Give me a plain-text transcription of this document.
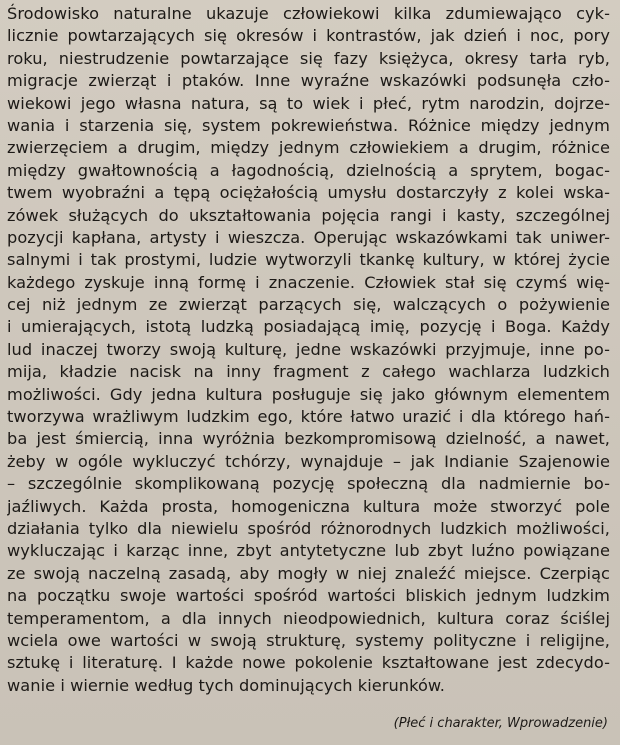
Środowisko naturalne ukazuje człowiekowi kilka zdumiewająco cyk-
licznie powtarzających się okresów i kontrastów, jak dzień i noc, pory
roku, niestrudzenie powtarzające się fazy księżyca, okresy tarła ryb,
migracje zwierząt i ptaków. Inne wyraźne wskazówki podsunęła czło-
wiekowi jego własna natura, są to wiek i płeć, rytm narodzin, dojrze-
wania i starzenia się, system pokrewieństwa. Różnice między jednym
zwierzęciem a drugim, między jednym człowiekiem a drugim, różnice
między gwałtownością a łagodnością, dzielnością a sprytem, bogac-
twem wyobraźni a tępą ociężałością umysłu dostarczyły z kolei wska-
zówek służących do ukształtowania pojęcia rangi i kasty, szczególnej
pozycji kapłana, artysty i wieszcza. Operując wskazówkami tak uniwer-
salnymi i tak prostymi, ludzie wytworzyli tkankę kultury, w której życie
każdego zyskuje inną formę i znaczenie. Człowiek stał się czymś wię-
cej niż jednym ze zwierząt parzących się, walczących o pożywienie
i umierających, istotą ludzką posiadającą imię, pozycję i Boga. Każdy
lud inaczej tworzy swoją kulturę, jedne wskazówki przyjmuje, inne po-
mija, kładzie nacisk na inny fragment z całego wachlarza ludzkich
możliwości. Gdy jedna kultura posługuje się jako głównym elementem
tworzywa wrażliwym ludzkim ego, które łatwo urazić i dla którego hań-
ba jest śmiercią, inna wyróżnia bezkompromisową dzielność, a nawet,
żeby w ogóle wykluczyć tchórzy, wynajduje – jak Indianie Szajenowie
– szczególnie skomplikowaną pozycję społeczną dla nadmiernie bo-
jaźliwych. Każda prosta, homogeniczna kultura może stworzyć pole
działania tylko dla niewielu spośród różnorodnych ludzkich możliwości,
wykluczając i karząc inne, zbyt antytetyczne lub zbyt luźno powiązane
ze swoją naczelną zasadą, aby mogły w niej znaleźć miejsce. Czerpiąc
na początku swoje wartości spośród wartości bliskich jednym ludzkim
temperamentom, a dla innych nieodpowiednich, kultura coraz ściślej
wciela owe wartości w swoją strukturę, systemy polityczne i religijne,
sztukę i literaturę. I każde nowe pokolenie kształtowane jest zdecydo-
wanie i wiernie według tych dominujących kierunków.
(Płeć i charakter, Wprowadzenie)
